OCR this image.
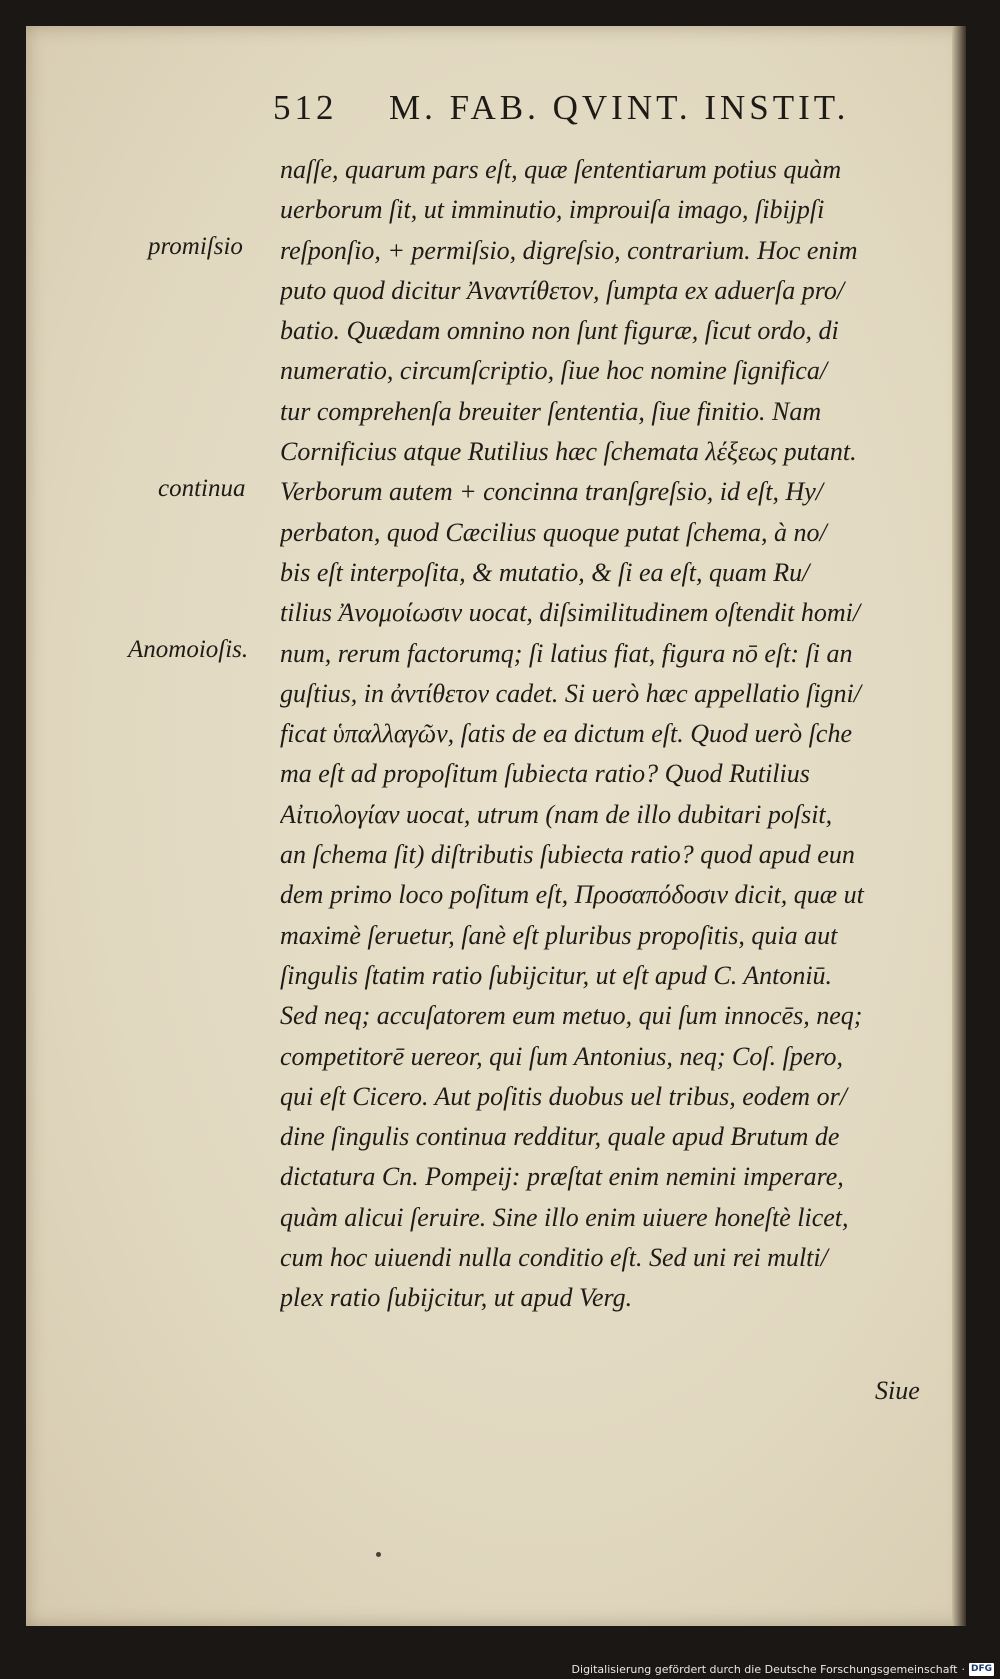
512 M. FAB. QVINT. INSTIT.
promiſsio
continua
Anomoioſis.
naſſe, quarum pars eſt, quæ ſententiarum potius quàm
uerborum ſit, ut imminutio, improuiſa imago, ſibijpſi
reſponſio, + permiſsio, digreſsio, contrarium. Hoc enim
puto quod dicitur Ἀναντίθετον, ſumpta ex aduerſa pro/
batio. Quædam omnino non ſunt figuræ, ſicut ordo, di
numeratio, circumſcriptio, ſiue hoc nomine ſignifica/
tur comprehenſa breuiter ſententia, ſiue finitio. Nam
Cornificius atque Rutilius hæc ſchemata λέξεως putant.
Verborum autem + concinna tranſgreſsio, id eſt, Hy/
perbaton, quod Cæcilius quoque putat ſchema, à no/
bis eſt interpoſita, & mutatio, & ſi ea eſt, quam Ru/
tilius Ἀνομοίωσιν uocat, diſsimilitudinem oſtendit homi/
num, rerum factorumq; ſi latius fiat, figura nō eſt: ſi an
guſtius, in ἀντίθετον cadet. Si uerò hæc appellatio ſigni/
ficat ὑπαλλαγῶν, ſatis de ea dictum eſt. Quod uerò ſche
ma eſt ad propoſitum ſubiecta ratio? Quod Rutilius
Αἰτιολογίαν uocat, utrum (nam de illo dubitari poſsit,
an ſchema ſit) diſtributis ſubiecta ratio? quod apud eun
dem primo loco poſitum eſt, Προσαπόδοσιν dicit, quæ ut
maximè ſeruetur, ſanè eſt pluribus propoſitis, quia aut
ſingulis ſtatim ratio ſubijcitur, ut eſt apud C. Antoniū.
Sed neq; accuſatorem eum metuo, qui ſum innocēs, neq;
competitorē uereor, qui ſum Antonius, neq; Coſ. ſpero,
qui eſt Cicero. Aut poſitis duobus uel tribus, eodem or/
dine ſingulis continua redditur, quale apud Brutum de
dictatura Cn. Pompeij: præſtat enim nemini imperare,
quàm alicui ſeruire. Sine illo enim uiuere honeſtè licet,
cum hoc uiuendi nulla conditio eſt. Sed uni rei multi/
plex ratio ſubijcitur, ut apud Verg.
Siue
Digitalisierung gefördert durch die Deutsche Forschungsgemeinschaft · DFG
